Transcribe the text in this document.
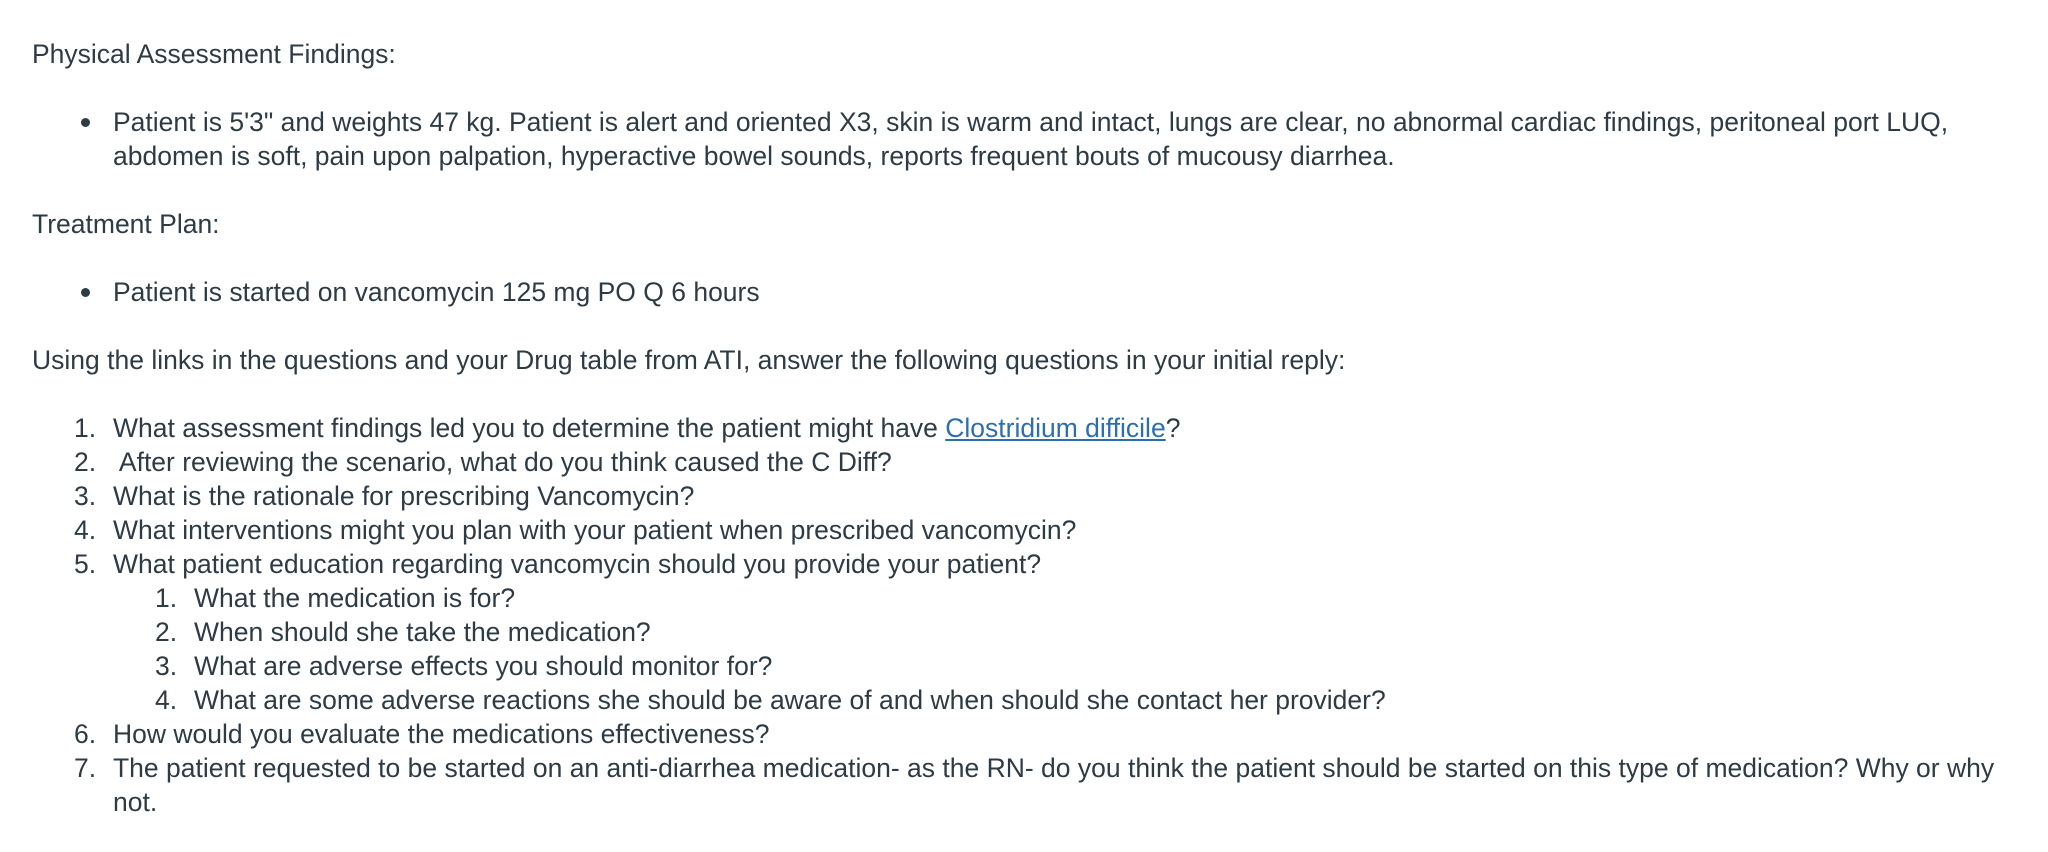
Physical Assessment Findings:

Patient is 5'3" and weights 47 kg. Patient is alert and oriented X3, skin is warm and intact, lungs are clear, no abnormal cardiac findings, peritoneal port LUQ, abdomen is soft, pain upon palpation, hyperactive bowel sounds, reports frequent bouts of mucousy diarrhea.

Treatment Plan:

Patient is started on vancomycin 125 mg PO Q 6 hours

Using the links in the questions and your Drug table from ATI, answer the following questions in your initial reply:

1. What assessment findings led you to determine the patient might have Clostridium difficile?
2. After reviewing the scenario, what do you think caused the C Diff?
3. What is the rationale for prescribing Vancomycin?
4. What interventions might you plan with your patient when prescribed vancomycin?
5. What patient education regarding vancomycin should you provide your patient?
1. What the medication is for?
2. When should she take the medication?
3. What are adverse effects you should monitor for?
4. What are some adverse reactions she should be aware of and when should she contact her provider?
6. How would you evaluate the medications effectiveness?
7. The patient requested to be started on an anti-diarrhea medication- as the RN- do you think the patient should be started on this type of medication? Why or why not.
